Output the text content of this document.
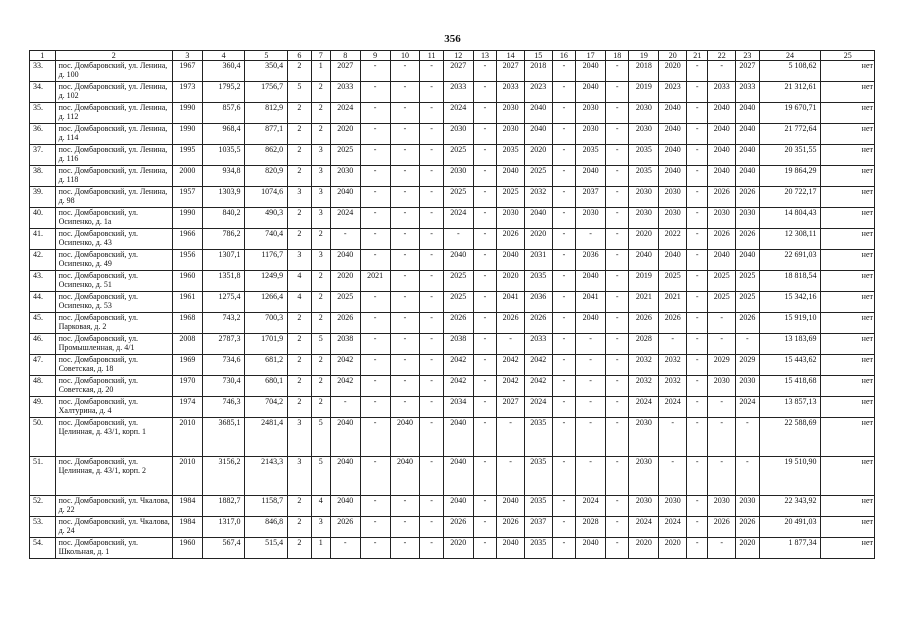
356
1	2	3	4	5	6	7	8	9	10	11	12	13	14	15	16	17	18	19	20	21	22	23	24	25
33.	пос. Домбаровский, ул. Ленина, д. 100	1967	360,4	350,4	2	1	2027	-	-	-	2027	-	2027	2018	-	2040	-	2018	2020	-	-	2027	5 108,62	нет
34.	пос. Домбаровский, ул. Ленина, д. 102	1973	1795,2	1756,7	5	2	2033	-	-	-	2033	-	2033	2023	-	2040	-	2019	2023	-	2033	2033	21 312,61	нет
35.	пос. Домбаровский, ул. Ленина, д. 112	1990	857,6	812,9	2	2	2024	-	-	-	2024	-	2030	2040	-	2030	-	2030	2040	-	2040	2040	19 670,71	нет
36.	пос. Домбаровский, ул. Ленина, д. 114	1990	968,4	877,1	2	2	2020	-	-	-	2030	-	2030	2040	-	2030	-	2030	2040	-	2040	2040	21 772,64	нет
37.	пос. Домбаровский, ул. Ленина, д. 116	1995	1035,5	862,0	2	3	2025	-	-	-	2025	-	2035	2020	-	2035	-	2035	2040	-	2040	2040	20 351,55	нет
38.	пос. Домбаровский, ул. Ленина, д. 118	2000	934,8	820,9	2	3	2030	-	-	-	2030	-	2040	2025	-	2040	-	2035	2040	-	2040	2040	19 864,29	нет
39.	пос. Домбаровский, ул. Ленина, д. 98	1957	1303,9	1074,6	3	3	2040	-	-	-	2025	-	2025	2032	-	2037	-	2030	2030	-	2026	2026	20 722,17	нет
40.	пос. Домбаровский, ул. Осипенко, д. 1а	1990	840,2	490,3	2	3	2024	-	-	-	2024	-	2030	2040	-	2030	-	2030	2030	-	2030	2030	14 804,43	нет
41.	пос. Домбаровский, ул. Осипенко, д. 43	1966	786,2	740,4	2	2	-	-	-	-	-	-	2026	2020	-	-	-	2020	2022	-	2026	2026	12 308,11	нет
42.	пос. Домбаровский, ул. Осипенко, д. 49	1956	1307,1	1176,7	3	3	2040	-	-	-	2040	-	2040	2031	-	2036	-	2040	2040	-	2040	2040	22 691,03	нет
43.	пос. Домбаровский, ул. Осипенко, д. 51	1960	1351,8	1249,9	4	2	2020	2021	-	-	2025	-	2020	2035	-	2040	-	2019	2025	-	2025	2025	18 818,54	нет
44.	пос. Домбаровский, ул. Осипенко, д. 53	1961	1275,4	1266,4	4	2	2025	-	-	-	2025	-	2041	2036	-	2041	-	2021	2021	-	2025	2025	15 342,16	нет
45.	пос. Домбаровский, ул. Парковая, д. 2	1968	743,2	700,3	2	2	2026	-	-	-	2026	-	2026	2026	-	2040	-	2026	2026	-	-	2026	15 919,10	нет
46.	пос. Домбаровский, ул. Промышленная, д. 4/1	2008	2787,3	1701,9	2	5	2038	-	-	-	2038	-	-	2033	-	-	-	2028	-	-	-	-	13 183,69	нет
47.	пос. Домбаровский, ул. Советская, д. 18	1969	734,6	681,2	2	2	2042	-	-	-	2042	-	2042	2042	-	-	-	2032	2032	-	2029	2029	15 443,62	нет
48.	пос. Домбаровский, ул. Советская, д. 20	1970	730,4	680,1	2	2	2042	-	-	-	2042	-	2042	2042	-	-	-	2032	2032	-	2030	2030	15 418,68	нет
49.	пос. Домбаровский, ул. Халтурина, д. 4	1974	746,3	704,2	2	2	-	-	-	-	2034	-	2027	2024	-	-	-	2024	2024	-	-	2024	13 857,13	нет
50.	пос. Домбаровский, ул. Целинная, д. 43/1, корп. 1	2010	3685,1	2481,4	3	5	2040	-	2040	-	2040	-	-	2035	-	-	-	2030	-	-	-	-	22 588,69	нет
51.	пос. Домбаровский, ул. Целинная, д. 43/1, корп. 2	2010	3156,2	2143,3	3	5	2040	-	2040	-	2040	-	-	2035	-	-	-	2030	-	-	-	-	19 510,90	нет
52.	пос. Домбаровский, ул. Чкалова, д. 22	1984	1882,7	1158,7	2	4	2040	-	-	-	2040	-	2040	2035	-	2024	-	2030	2030	-	2030	2030	22 343,92	нет
53.	пос. Домбаровский, ул. Чкалова, д. 24	1984	1317,0	846,8	2	3	2026	-	-	-	2026	-	2026	2037	-	2028	-	2024	2024	-	2026	2026	20 491,03	нет
54.	пос. Домбаровский, ул. Школьная, д. 1	1960	567,4	515,4	2	1	-	-	-	-	2020	-	2040	2035	-	2040	-	2020	2020	-	-	2020	1 877,34	нет
